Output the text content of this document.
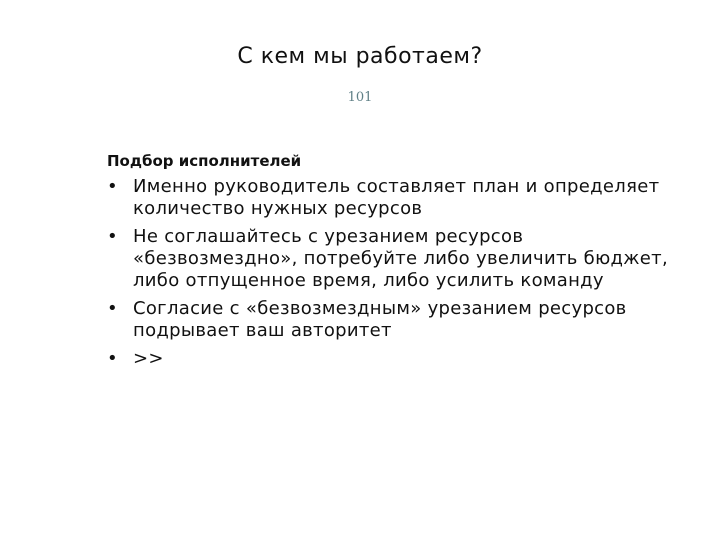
С кем мы работаем?
101
Подбор исполнителей
• Именно руководитель составляет план и определяет количество нужных ресурсов
• Не соглашайтесь с урезанием ресурсов «безвозмездно», потребуйте либо увеличить бюджет, либо отпущенное время, либо усилить команду
• Согласие с «безвозмездным» урезанием ресурсов подрывает ваш авторитет
• >>
